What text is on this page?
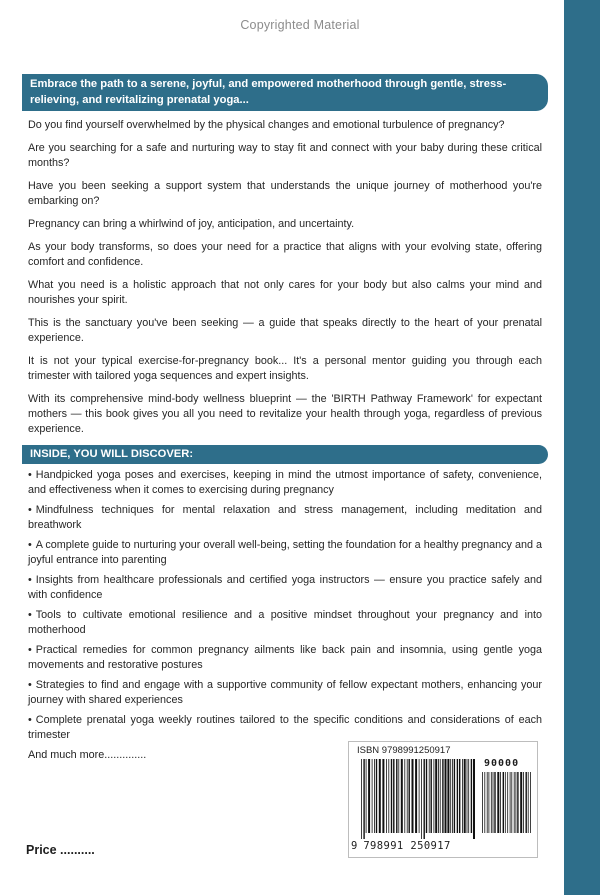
Copyrighted Material
Embrace the path to a serene, joyful, and empowered motherhood through gentle, stress-relieving, and revitalizing prenatal yoga...

Do you find yourself overwhelmed by the physical changes and emotional turbulence of pregnancy?

Are you searching for a safe and nurturing way to stay fit and connect with your baby during these critical months?

Have you been seeking a support system that understands the unique journey of motherhood you're embarking on?

Pregnancy can bring a whirlwind of joy, anticipation, and uncertainty.

As your body transforms, so does your need for a practice that aligns with your evolving state, offering comfort and confidence.

What you need is a holistic approach that not only cares for your body but also calms your mind and nourishes your spirit.

This is the sanctuary you've been seeking — a guide that speaks directly to the heart of your prenatal experience.

It is not your typical exercise-for-pregnancy book... It's a personal mentor guiding you through each trimester with tailored yoga sequences and expert insights.

With its comprehensive mind-body wellness blueprint — the 'BIRTH Pathway Framework' for expectant mothers — this book gives you all you need to revitalize your health through yoga, regardless of previous experience.

INSIDE, YOU WILL DISCOVER:
• Handpicked yoga poses and exercises, keeping in mind the utmost importance of safety, convenience, and effectiveness when it comes to exercising during pregnancy
• Mindfulness techniques for mental relaxation and stress management, including meditation and breathwork
• A complete guide to nurturing your overall well-being, setting the foundation for a healthy pregnancy and a joyful entrance into parenting
• Insights from healthcare professionals and certified yoga instructors — ensure you practice safely and with confidence
• Tools to cultivate emotional resilience and a positive mindset throughout your pregnancy and into motherhood
• Practical remedies for common pregnancy ailments like back pain and insomnia, using gentle yoga movements and restorative postures
• Strategies to find and engage with a supportive community of fellow expectant mothers, enhancing your journey with shared experiences
• Complete prenatal yoga weekly routines tailored to the specific conditions and considerations of each trimester

And much more..............	ISBN 9798991250917
90000
9 798991 250917
Price ..........
